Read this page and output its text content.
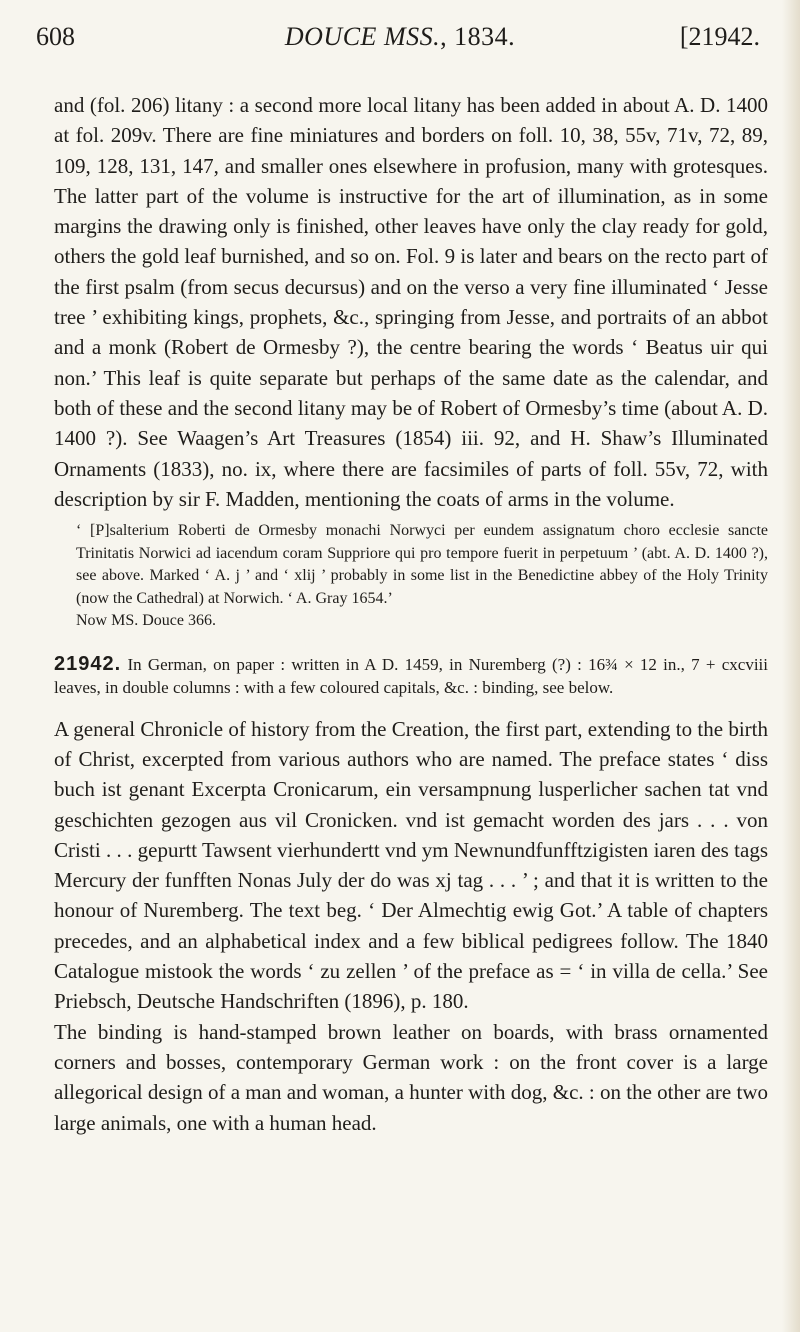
608	DOUCE MSS., 1834.	[21942.

and (fol. 206) litany : a second more local litany has been added in about A. D. 1400 at fol. 209v. There are fine miniatures and borders on foll. 10, 38, 55v, 71v, 72, 89, 109, 128, 131, 147, and smaller ones elsewhere in profusion, many with grotesques. The latter part of the volume is instructive for the art of illumination, as in some margins the drawing only is finished, other leaves have only the clay ready for gold, others the gold leaf burnished, and so on. Fol. 9 is later and bears on the recto part of the first psalm (from secus decursus) and on the verso a very fine illuminated ‘ Jesse tree ’ exhibiting kings, prophets, &c., springing from Jesse, and portraits of an abbot and a monk (Robert de Ormesby ?), the centre bearing the words ‘ Beatus uir qui non.’ This leaf is quite separate but perhaps of the same date as the calendar, and both of these and the second litany may be of Robert of Ormesby’s time (about A. D. 1400 ?). See Waagen’s Art Treasures (1854) iii. 92, and H. Shaw’s Illuminated Ornaments (1833), no. ix, where there are facsimiles of parts of foll. 55v, 72, with description by sir F. Madden, mentioning the coats of arms in the volume.

‘ [P]salterium Roberti de Ormesby monachi Norwyci per eundem assignatum choro ecclesie sancte Trinitatis Norwici ad iacendum coram Suppriore qui pro tempore fuerit in perpetuum ’ (abt. A. D. 1400 ?), see above. Marked ‘ A. j ’ and ‘ xlij ’ probably in some list in the Benedictine abbey of the Holy Trinity (now the Cathedral) at Norwich. ‘ A. Gray 1654.’

Now MS. Douce 366.

21942. In German, on paper : written in A D. 1459, in Nuremberg (?) : 16¾ × 12 in., 7 + cxcviii leaves, in double columns : with a few coloured capitals, &c. : binding, see below.

A general Chronicle of history from the Creation, the first part, extending to the birth of Christ, excerpted from various authors who are named. The preface states ‘ diss buch ist genant Excerpta Cronicarum, ein versampnung lusperlicher sachen tat vnd geschichten gezogen aus vil Cronicken. vnd ist gemacht worden des jars . . . von Cristi . . . gepurtt Tawsent vierhundertt vnd ym Newnundfunfftzigisten iaren des tags Mercury der funfften Nonas July der do was xj tag . . . ’ ; and that it is written to the honour of Nuremberg. The text beg. ‘ Der Almechtig ewig Got.’ A table of chapters precedes, and an alphabetical index and a few biblical pedigrees follow. The 1840 Catalogue mistook the words ‘ zu zellen ’ of the preface as = ‘ in villa de cella.’ See Priebsch, Deutsche Handschriften (1896), p. 180.

The binding is hand-stamped brown leather on boards, with brass ornamented corners and bosses, contemporary German work : on the front cover is a large allegorical design of a man and woman, a hunter with dog, &c. : on the other are two large animals, one with a human head.
